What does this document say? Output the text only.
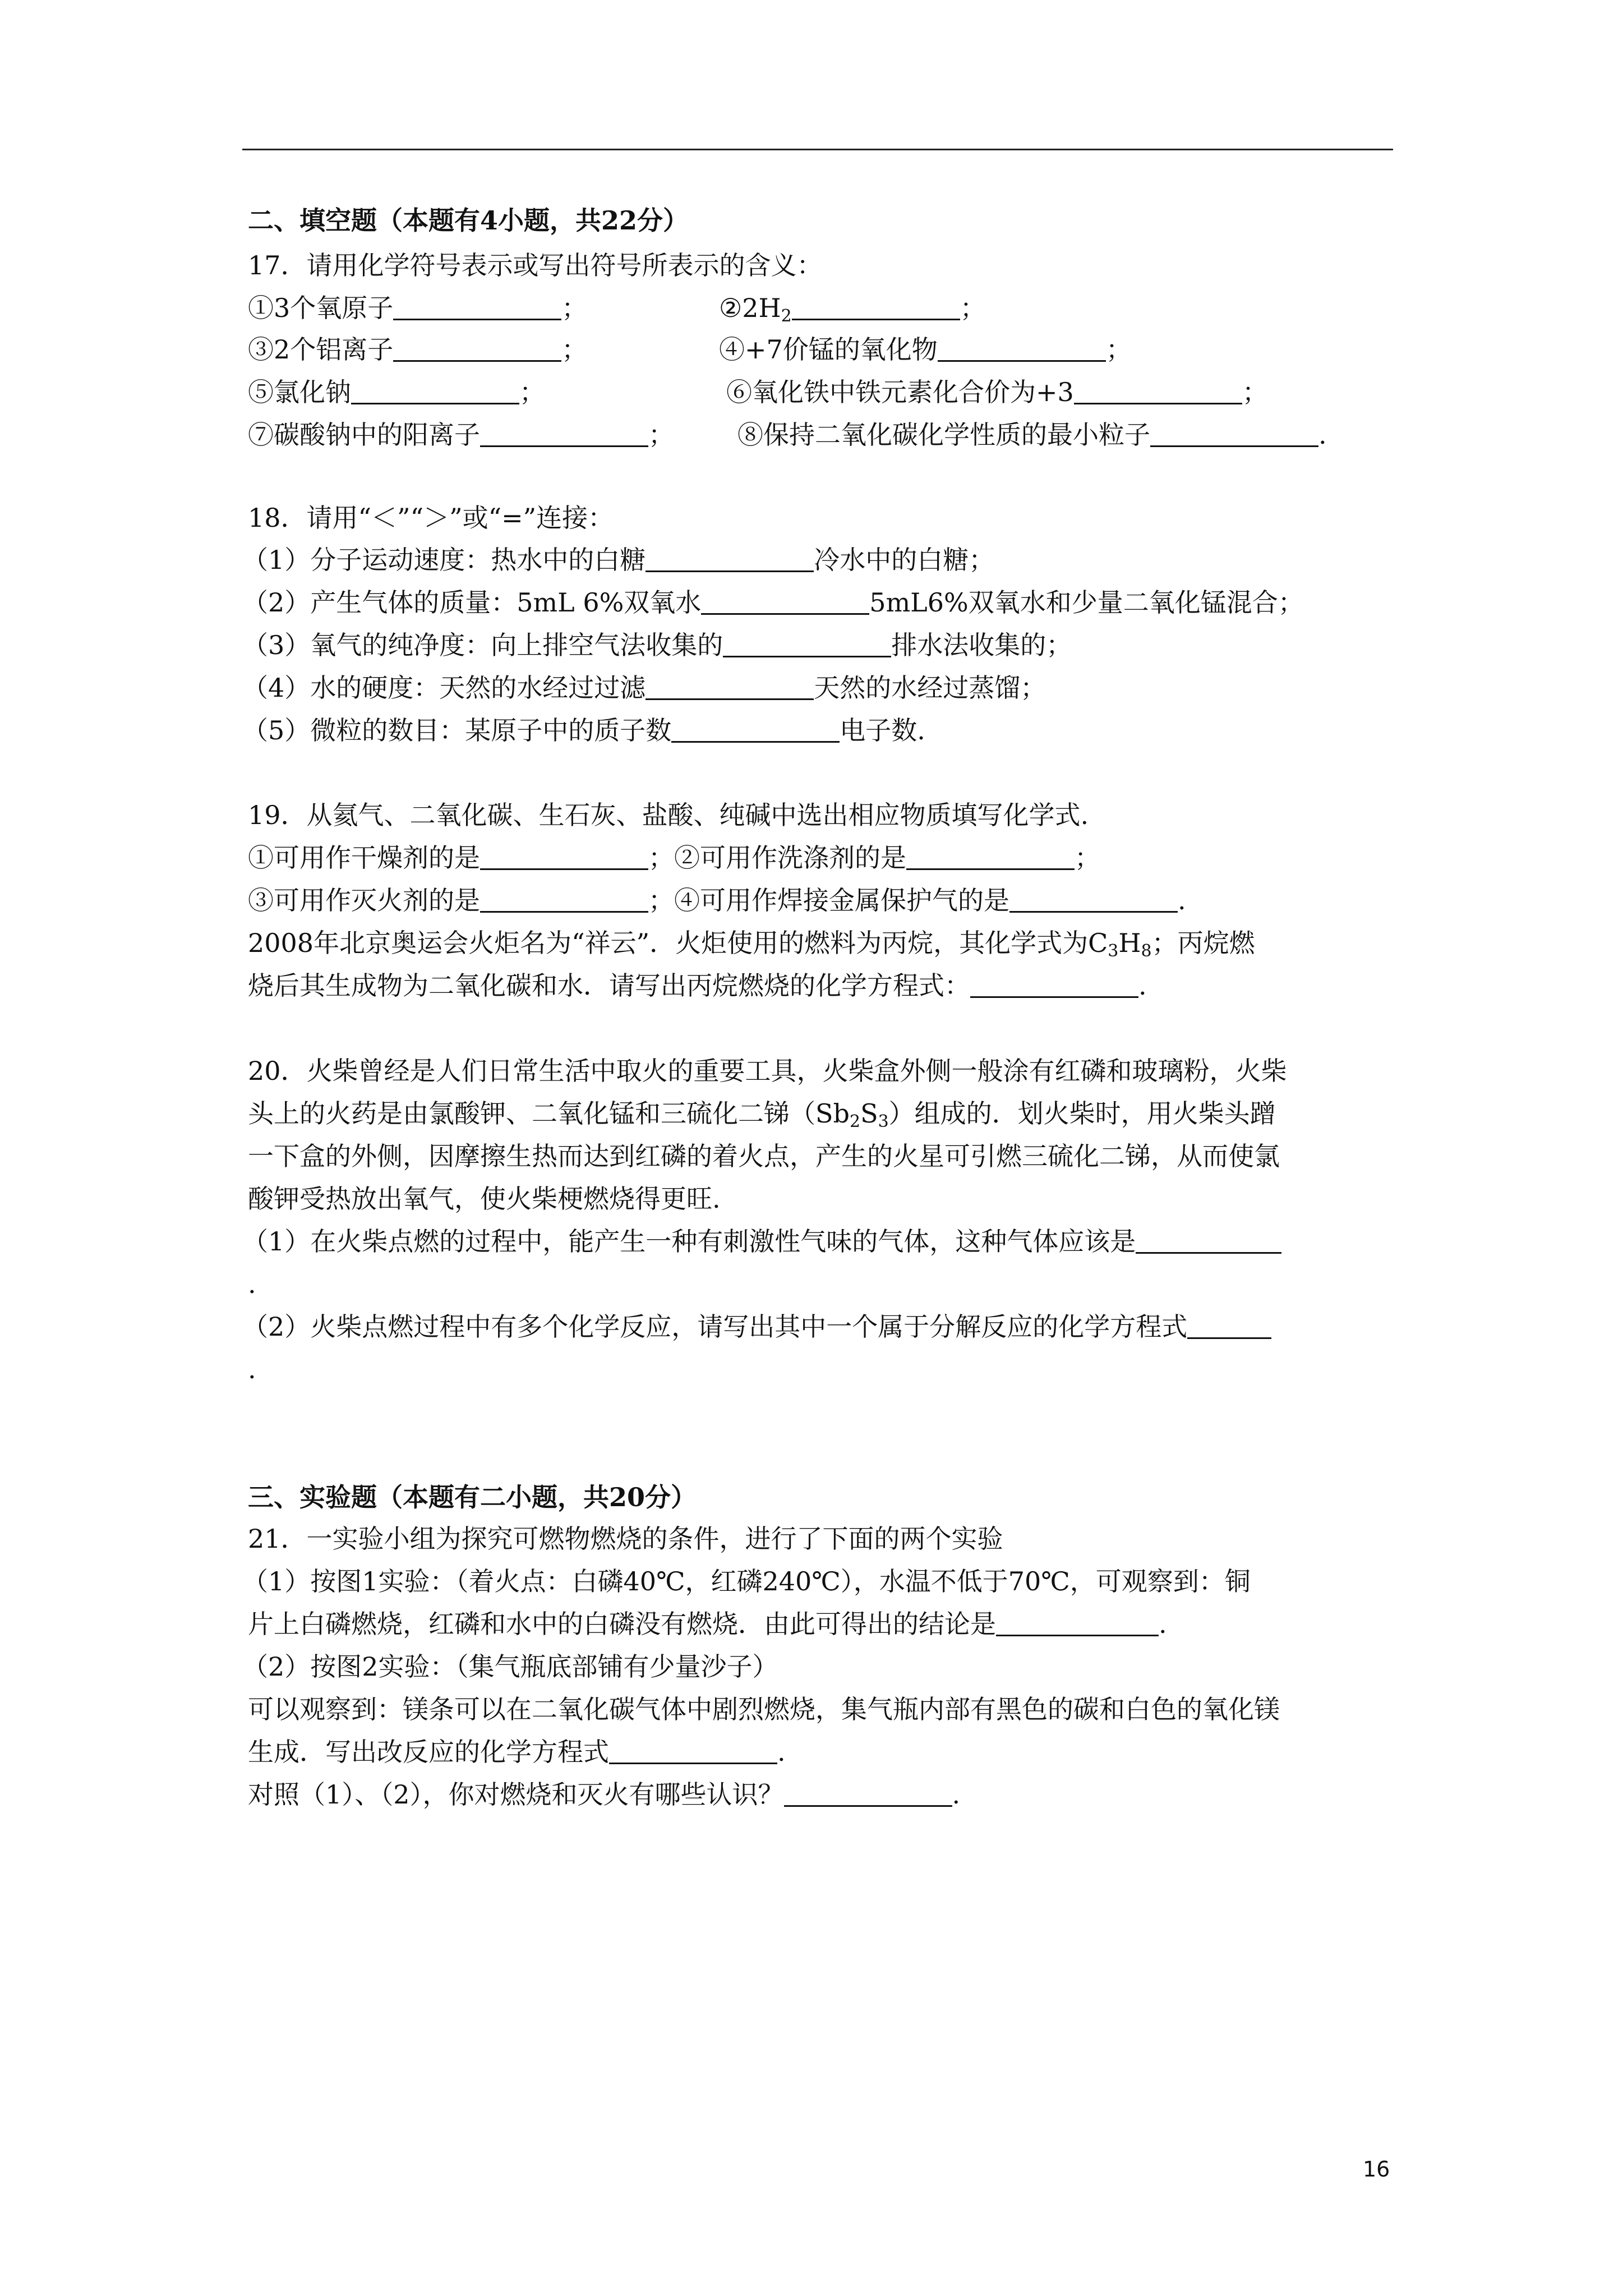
二、填空题（本题有4小题，共22分）
17．请用化学符号表示或写出符号所表示的含义：
①3个氧原子	；	$②2H_2$	；
③2个铝离子	；	④+7价锰的氧化物	；
⑤氯化钠	；	⑥氧化铁中铁元素化合价为+3	；
⑦碳酸钠中的阳离子	； ⑧保持二氧化碳化学性质的最小粒子	.
18．请用“＜”“＞”或“=”连接：
（1）分子运动速度：热水中的白糖	冷水中的白糖；
（2）产生气体的质量：5mL 6%双氧水	5mL6%双氧水和少量二氧化锰混合；
（3）氧气的纯净度：向上排空气法收集的	排水法收集的；
（4）水的硬度：天然的水经过过滤	天然的水经过蒸馏；
（5）微粒的数目：某原子中的质子数	电子数.
19．从氦气、二氧化碳、生石灰、盐酸、纯碱中选出相应物质填写化学式.
①可用作干燥剂的是	；②可用作洗涤剂的是	；
③可用作灭火剂的是	；④可用作焊接金属保护气的是	.
2008年北京奥运会火炬名为“祥云”．火炬使用的燃料为丙烷，其化学式为$C_3H_8$；丙烷燃
烧后其生成物为二氧化碳和水．请写出丙烷燃烧的化学方程式：	.
20．火柴曾经是人们日常生活中取火的重要工具，火柴盒外侧一般涂有红磷和玻璃粉，火柴
头上的火药是由氯酸钾、二氧化锰和三硫化二锑$(Sb_2S_3)$组成的．划火柴时，用火柴头蹭
一下盒的外侧，因摩擦生热而达到红磷的着火点，产生的火星可引燃三硫化二锑，从而使氯
酸钾受热放出氧气，使火柴梗燃烧得更旺.
（1）在火柴点燃的过程中，能产生一种有刺激性气味的气体，这种气体应该是
.
（2）火柴点燃过程中有多个化学反应，请写出其中一个属于分解反应的化学方程式
.
三、实验题（本题有二小题，共20分）
21．一实验小组为探究可燃物燃烧的条件，进行了下面的两个实验
（1）按图1实验：（着火点：白磷40℃，红磷240℃），水温不低于70℃，可观察到：铜
片上白磷燃烧，红磷和水中的白磷没有燃烧．由此可得出的结论是	.
（2）按图2实验：（集气瓶底部铺有少量沙子）
可以观察到：镁条可以在二氧化碳气体中剧烈燃烧，集气瓶内部有黑色的碳和白色的氧化镁
生成．写出改反应的化学方程式	.
对照（1）、（2），你对燃烧和灭火有哪些认识？	.
16
